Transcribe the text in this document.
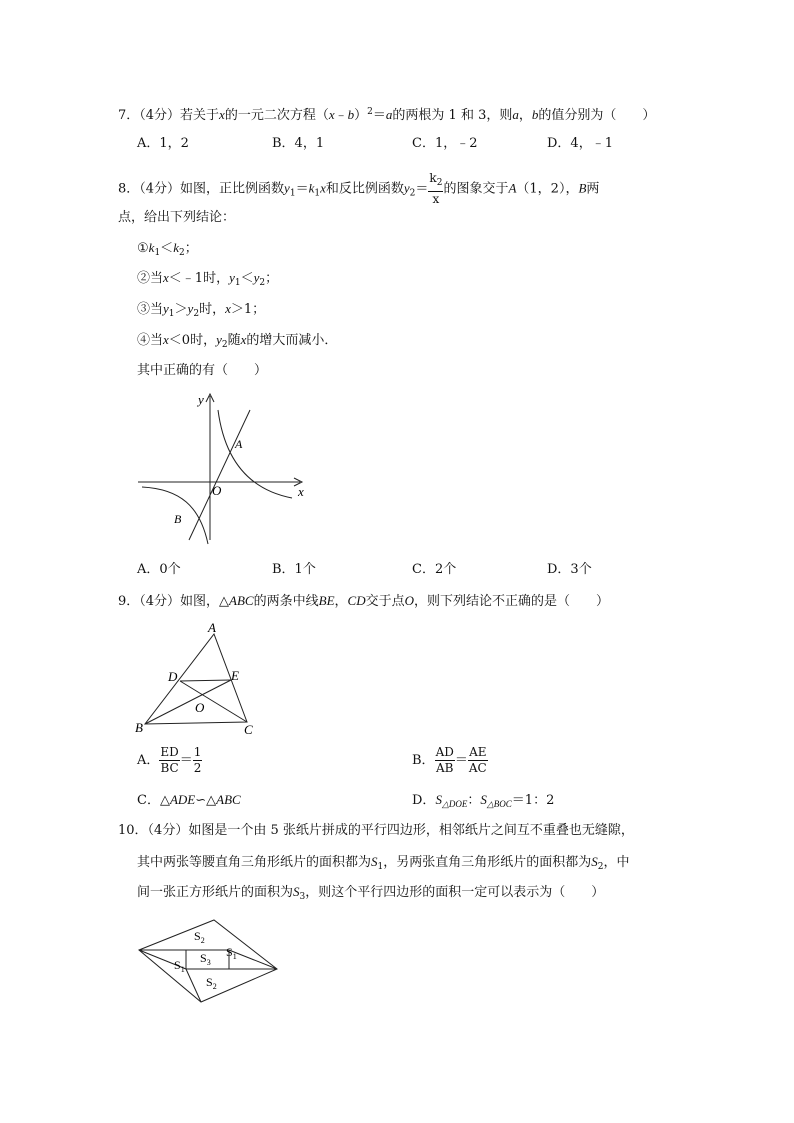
7．（4分）若关于x的一元二次方程（x﹣b）$^2$＝a的两根为 1 和 3，则a，b的值分别为（　　）
A．1，2	B．4，1	C．1，﹣2	D．4，﹣1
8．（4分）如图，正比例函数$y_1=k_1x$和反比例函数$y_2= \frac{k_2}{x}$ 的图象交于A（1，2），B两
点，给出下列结论：
$①k_1<k_2$；
②当x＜﹣1时，$y_1<y_2$；
③当$y_1>y_2$时，x＞1；
④当x＜0时，$y_2$随x的增大而减小．
其中正确的有（　　）
y
x
O
A
B
A．0个	B．1个	C．2个	D．3个
9．（4分）如图，△ABC的两条中线BE，CD交于点O，则下列结论不正确的是（　　）
A
B	C
D	E
O
A． $\frac{ED}{BC} = \frac{1}{2}$	B． $\frac{AD}{AB} = \frac{AE}{AC}$
C．△ADE∽△ABC	D．$S_{\triangle DOE}$：$S_{\triangle BOC}=1$：2
10．（4分）如图是一个由 5 张纸片拼成的平行四边形，相邻纸片之间互不重叠也无缝隙，
其中两张等腰直角三角形纸片的面积都为$S_1$，另两张直角三角形纸片的面积都为$S_2$，中
间一张正方形纸片的面积为$S_3$，则这个平行四边形的面积一定可以表示为（　　）
$S_2$
$S_1$
$S_3$
$S_1$
$S_2$
